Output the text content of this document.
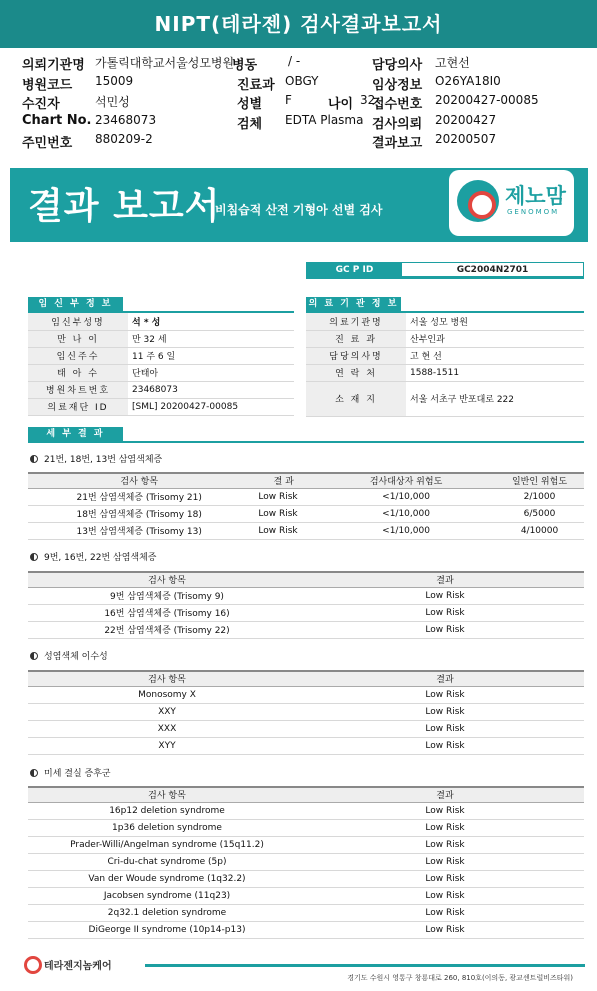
NIPT(테라젠) 검사결과보고서
의뢰기관명 가톨릭대학교서울성모병원
병동	/ -	담당의사 고현선
병원코드 15009	진료과 OBGY	임상정보 O26YA18I0
수진자	석민성	성별 F	나이 32
접수번호 20200427-00085
Chart No. 23468073	검체 EDTA Plasma 검사의뢰 20200427
주민번호 880209-2	결과보고 20200507
결과 보고서
비침습적 산전 기형아 선별 검사
제노맘
GENOMOM
GC P ID	GC2004N2701
임 신 부 정 보
임신부성명	석 * 성
만 나 이	만 32 세
임신주수	11 주 6 일
태 아 수	단태아
병원차트번호	23468073
의료재단 ID	[SML] 20200427-00085
의 료 기 관 정 보
의료기관명	서울 성모 병원
진 료 과	산부인과
담당의사명	고 현 선
연 락 처	1588-1511
소 재 지	서울 서초구 반포대로 222
세 부 결 과
21번, 18번, 13번 삼염색체증
검사 항목	결 과	검사대상자 위험도	일반인 위험도
21번 삼염색체증 (Trisomy 21)	Low Risk	<1/10,000	2/1000
18번 삼염색체증 (Trisomy 18)	Low Risk	<1/10,000	6/5000
13번 삼염색체증 (Trisomy 13)	Low Risk	<1/10,000	4/10000
9번, 16번, 22번 삼염색체증
검사 항목	결과
9번 삼염색체증 (Trisomy 9)	Low Risk
16번 삼염색체증 (Trisomy 16)	Low Risk
22번 삼염색체증 (Trisomy 22)	Low Risk
성염색체 이수성
검사 항목	결과
Monosomy X	Low Risk
XXY	Low Risk
XXX	Low Risk
XYY	Low Risk
미세 결실 증후군
검사 항목	결과
16p12 deletion syndrome	Low Risk
1p36 deletion syndrome	Low Risk
Prader-Willi/Angelman syndrome (15q11.2)	Low Risk
Cri-du-chat syndrome (5p)	Low Risk
Van der Woude syndrome (1q32.2)	Low Risk
Jacobsen syndrome (11q23)	Low Risk
2q32.1 deletion syndrome	Low Risk
DiGeorge II syndrome (10p14-p13)	Low Risk
테라젠지놈케어
경기도 수원시 영통구 창룡대로 260, 810호(이의동, 광교센트럴비즈타워)
